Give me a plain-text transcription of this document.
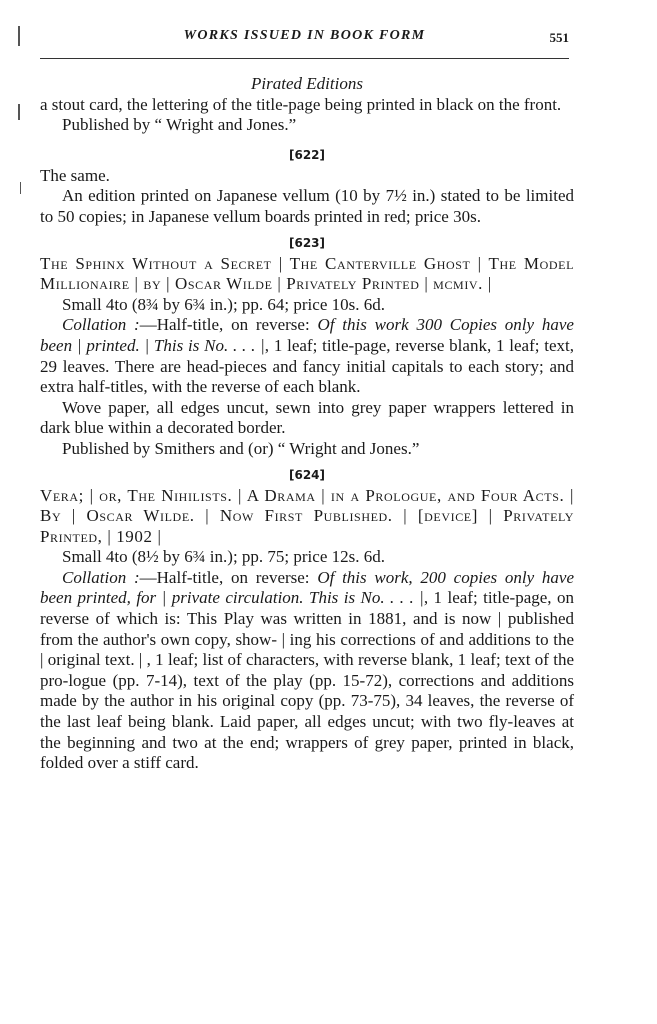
WORKS ISSUED IN BOOK FORM	551

Pirated Editions

a stout card, the lettering of the title-page being printed in black on the front.

Published by “ Wright and Jones.”

[622]

The same.

An edition printed on Japanese vellum (10 by 7½ in.) stated to be limited to 50 copies; in Japanese vellum boards printed in red; price 30s.

[623]

The Sphinx Without a Secret | The Canterville Ghost | The Model Millionaire | by | Oscar Wilde | Privately Printed | mcmiv. |

Small 4to (8¾ by 6¾ in.); pp. 64; price 10s. 6d.

Collation :—Half-title, on reverse: Of this work 300 Copies only have been | printed. | This is No. . . . |, 1 leaf; title-page, reverse blank, 1 leaf; text, 29 leaves. There are head-pieces and fancy initial capitals to each story; and extra half-titles, with the reverse of each blank.

Wove paper, all edges uncut, sewn into grey paper wrappers lettered in dark blue within a decorated border.

Published by Smithers and (or) “ Wright and Jones.”

[624]

Vera; | or, The Nihilists. | A Drama | in a Prologue, and Four Acts. | By | Oscar Wilde. | Now First Published. | [device] | Privately Printed, | 1902 |

Small 4to (8½ by 6¾ in.); pp. 75; price 12s. 6d.

Collation :—Half-title, on reverse: Of this work, 200 copies only have been printed, for | private circulation. This is No. . . . |, 1 leaf; title-page, on reverse of which is: This Play was written in 1881, and is now | published from the author's own copy, show- | ing his corrections of and additions to the | original text. | , 1 leaf; list of characters, with reverse blank, 1 leaf; text of the pro-logue (pp. 7-14), text of the play (pp. 15-72), corrections and additions made by the author in his original copy (pp. 73-75), 34 leaves, the reverse of the last leaf being blank. Laid paper, all edges uncut; with two fly-leaves at the beginning and two at the end; wrappers of grey paper, printed in black, folded over a stiff card.
